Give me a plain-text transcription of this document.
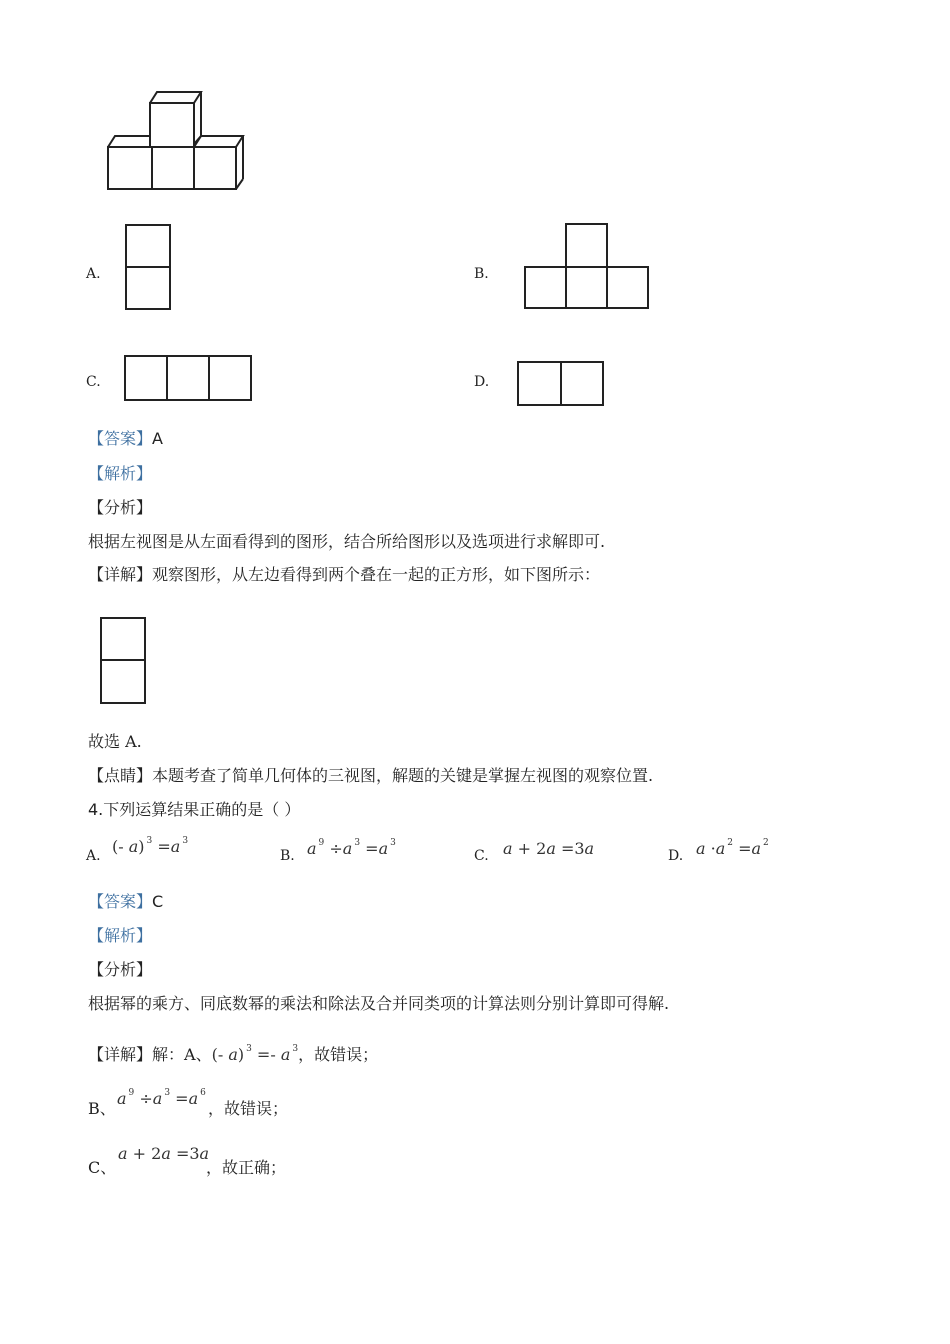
A.	B.
C.	D.
【答案】A
【解析】
【分析】
根据左视图是从左面看得到的图形，结合所给图形以及选项进行求解即可.
【详解】观察图形，从左边看得到两个叠在一起的正方形，如下图所示：
故选 A.
【点睛】本题考查了简单几何体的三视图，解题的关键是掌握左视图的观察位置.
4.下列运算结果正确的是（ ）
A. (- a) $^3$ =a $^3$
B. a $^9$ ÷a $^3$ =a $^3$
C. a + 2a =3a	D. a ·a $^2$ =a $^2$
【答案】C
【解析】
【分析】
根据幂的乘方、同底数幂的乘法和除法及合并同类项的计算法则分别计算即可得解.
【详解】解：A、(- a) $^3$ =- a $^3$，故错误；
B、
a $^9$ ÷a $^3$ =a $^6$
，故错误；
C、
a + 2a =3a
，故正确；
